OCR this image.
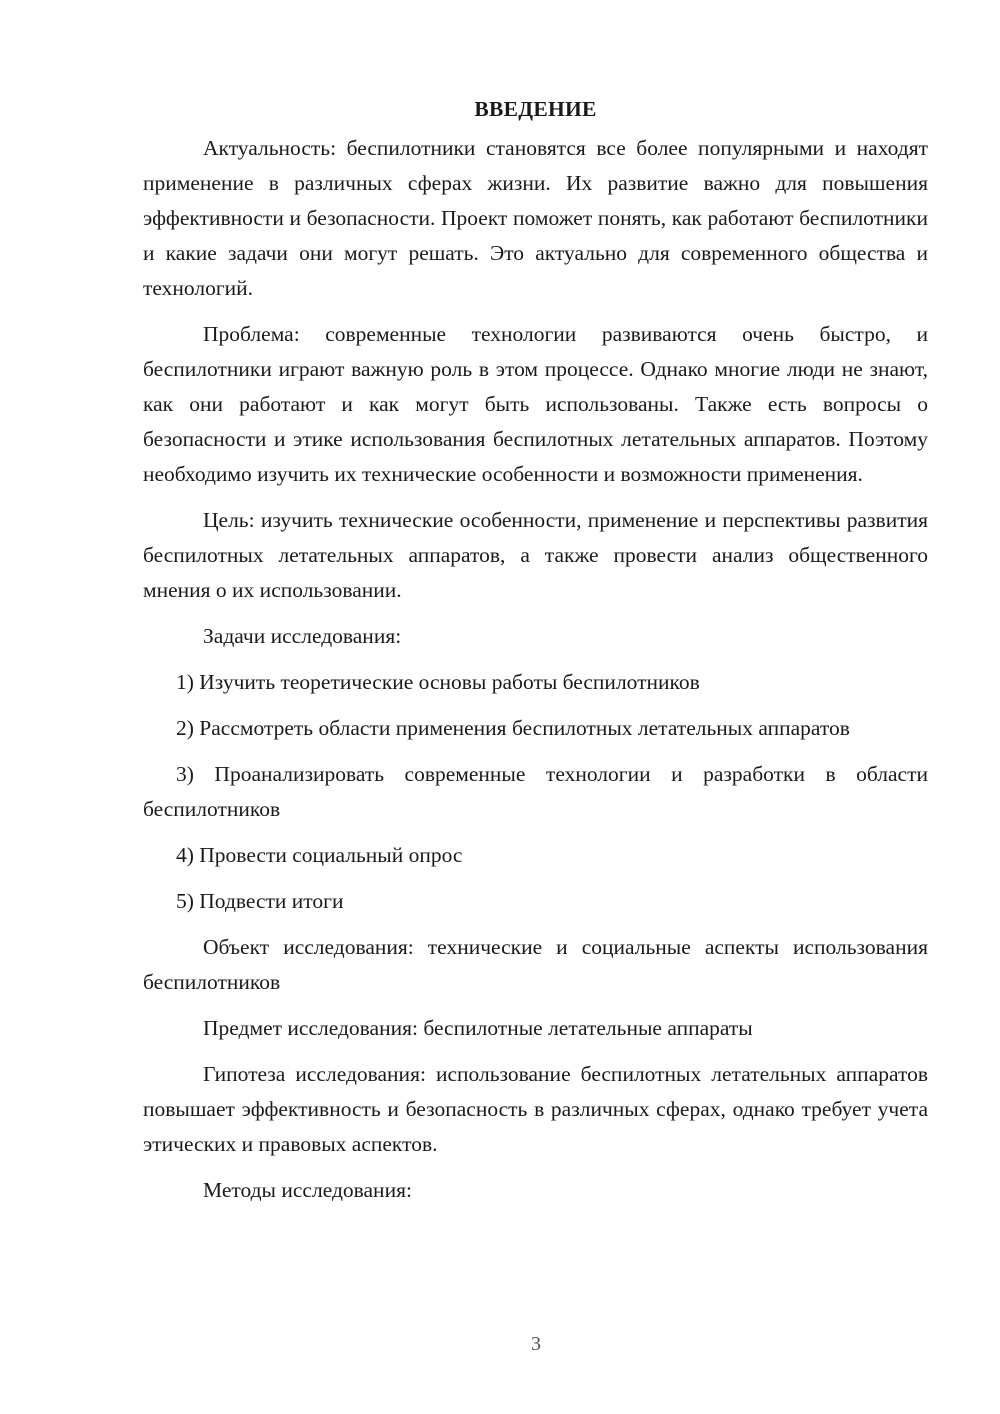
ВВЕДЕНИЕ

Актуальность: беспилотники становятся все более популярными и находят применение в различных сферах жизни. Их развитие важно для повышения эффективности и безопасности. Проект поможет понять, как работают беспилотники и какие задачи они могут решать. Это актуально для современного общества и технологий.

Проблема: современные технологии развиваются очень быстро, и беспилотники играют важную роль в этом процессе. Однако многие люди не знают, как они работают и как могут быть использованы. Также есть вопросы о безопасности и этике использования беспилотных летательных аппаратов. Поэтому необходимо изучить их технические особенности и возможности применения.

Цель: изучить технические особенности, применение и перспективы развития беспилотных летательных аппаратов, а также провести анализ общественного мнения о их использовании.

Задачи исследования:

1) Изучить теоретические основы работы беспилотников

2) Рассмотреть области применения беспилотных летательных аппаратов

3) Проанализировать современные технологии и разработки в области беспилотников

4) Провести социальный опрос

5) Подвести итоги

Объект исследования: технические и социальные аспекты использования беспилотников

Предмет исследования: беспилотные летательные аппараты

Гипотеза исследования: использование беспилотных летательных аппаратов повышает эффективность и безопасность в различных сферах, однако требует учета этических и правовых аспектов.

Методы исследования:

3
